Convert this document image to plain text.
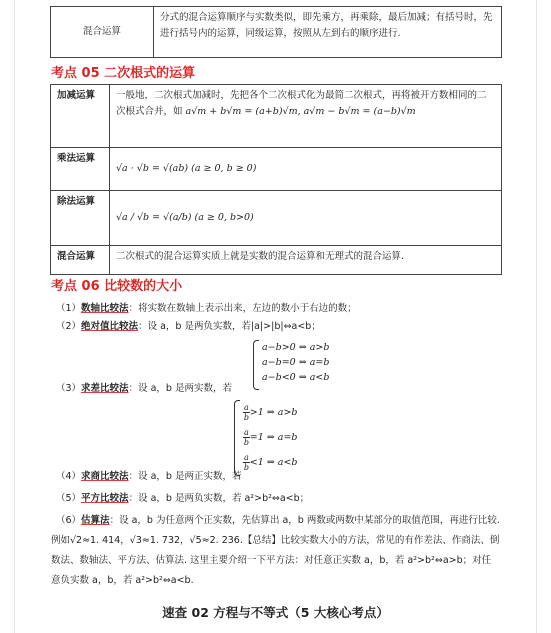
混合运算	分式的混合运算顺序与实数类似，即先乘方，再乘除，最后加减；有括号时，先进行括号内的运算，同级运算，按照从左到右的顺序进行.
考点 05 二次根式的运算
加减运算	一般地，二次根式加减时，先把各个二次根式化为最简二次根式，再将被开方数相同的二次根式合并，如 a√m + b√m = (a+b)√m, a√m − b√m = (a−b)√m
乘法运算	√a · √b = √(ab) (a ≥ 0, b ≥ 0)
除法运算	√a / √b = √(a/b) (a ≥ 0, b>0)
混合运算	二次根式的混合运算实质上就是实数的混合运算和无理式的混合运算.
考点 06 比较数的大小
（1）数轴比较法：将实数在数轴上表示出来，左边的数小于右边的数；
（2）绝对值比较法：设 a，b 是两负实数，若|a|>|b|⇔a<b；
a−b>0 ⇔ a>b
a−b=0 ⇔ a=b
a−b<0 ⇔ a<b
（3）求差比较法：设 a，b 是两实数，若
$\frac{a}{b} >1$ ⇔ a>b
$\frac{a}{b} =1$ ⇔ a=b
$\frac{a}{b} <1$ ⇔ a<b
（4）求商比较法：设 a，b 是两正实数，若
（5）平方比较法：设 a，b 是两负实数，若 a²>b²⇔a<b；
（6）估算法：设 a，b 为任意两个正实数，先估算出 a，b 两数或两数中某部分的取值范围，再进行比较.
例如√2≈1. 414，√3≈1. 732，√5≈2. 236.【总结】比较实数大小的方法，常见的有作差法、作商法、倒
数法、数轴法、平方法、估算法. 这里主要介绍一下平方法：对任意正实数 a，b，若 a²>b²⇔a>b；对任
意负实数 a，b，若 a²>b²⇔a<b.
速查 02 方程与不等式（5 大核心考点）
